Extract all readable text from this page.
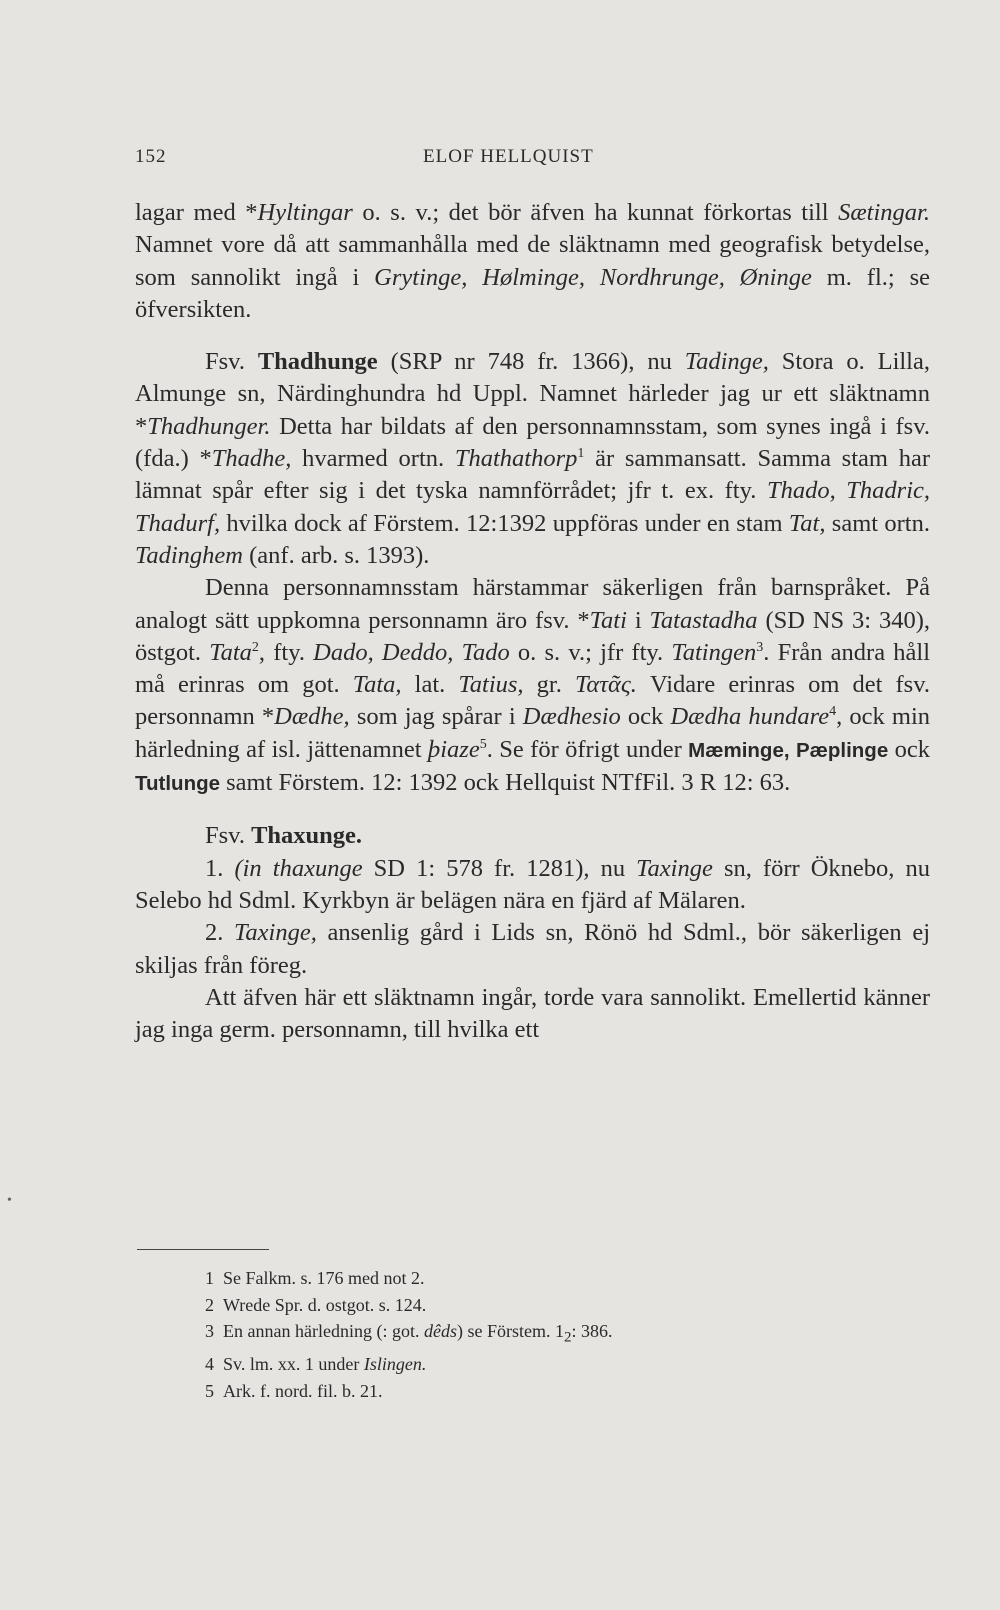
152	ELOF HELLQUIST

lagar med *Hyltingar o. s. v.; det bör äfven ha kunnat förkortas till Sætingar. Namnet vore då att sammanhålla med de släktnamn med geografisk betydelse, som sannolikt ingå i Grytinge, Hølminge, Nordhrunge, Øninge m. fl.; se öfversikten.

Fsv. Thadhunge (SRP nr 748 fr. 1366), nu Tadinge, Stora o. Lilla, Almunge sn, Närdinghundra hd Uppl. Namnet härleder jag ur ett släktnamn *Thadhunger. Detta har bildats af den personnamnsstam, som synes ingå i fsv. (fda.) *Thadhe, hvarmed ortn. Thathathorp$^1$ är sammansatt. Samma stam har lämnat spår efter sig i det tyska namnförrådet; jfr t. ex. fty. Thado, Thadric, Thadurf, hvilka dock af Förstem. 12:1392 uppföras under en stam Tat, samt ortn. Tadinghem (anf. arb. s. 1393).

Denna personnamnsstam härstammar säkerligen från barnspråket. På analogt sätt uppkomna personnamn äro fsv. *Tati i Tatastadha (SD NS 3: 340), östgot. Tata$^2$, fty. Dado, Deddo, Tado o. s. v.; jfr fty. Tatingen$^3$. Från andra håll må erinras om got. Tata, lat. Tatius, gr. Τατᾶς. Vidare erinras om det fsv. personnamn *Dædhe, som jag spårar i Dædhesio ock Dædha hundare$^4$, ock min härledning af isl. jättenamnet þiaze$^5$. Se för öfrigt under Mæminge, Pæplinge ock Tutlunge samt Förstem. 12: 1392 ock Hellquist NTfFil. 3 R 12: 63.

Fsv. Thaxunge.

1. (in thaxunge SD 1: 578 fr. 1281), nu Taxinge sn, förr Öknebo, nu Selebo hd Sdml. Kyrkbyn är belägen nära en fjärd af Mälaren.

2. Taxinge, ansenlig gård i Lids sn, Rönö hd Sdml., bör säkerligen ej skiljas från föreg.

Att äfven här ett släktnamn ingår, torde vara sannolikt. Emellertid känner jag inga germ. personnamn, till hvilka ett

•
1 Se Falkm. s. 176 med not 2.
2 Wrede Spr. d. ostgot. s. 124.
3 En annan härledning (: got. dêds) se Förstem. $1_2$: 386.
4 Sv. lm. xx. 1 under Islingen.
5 Ark. f. nord. fil. b. 21.
